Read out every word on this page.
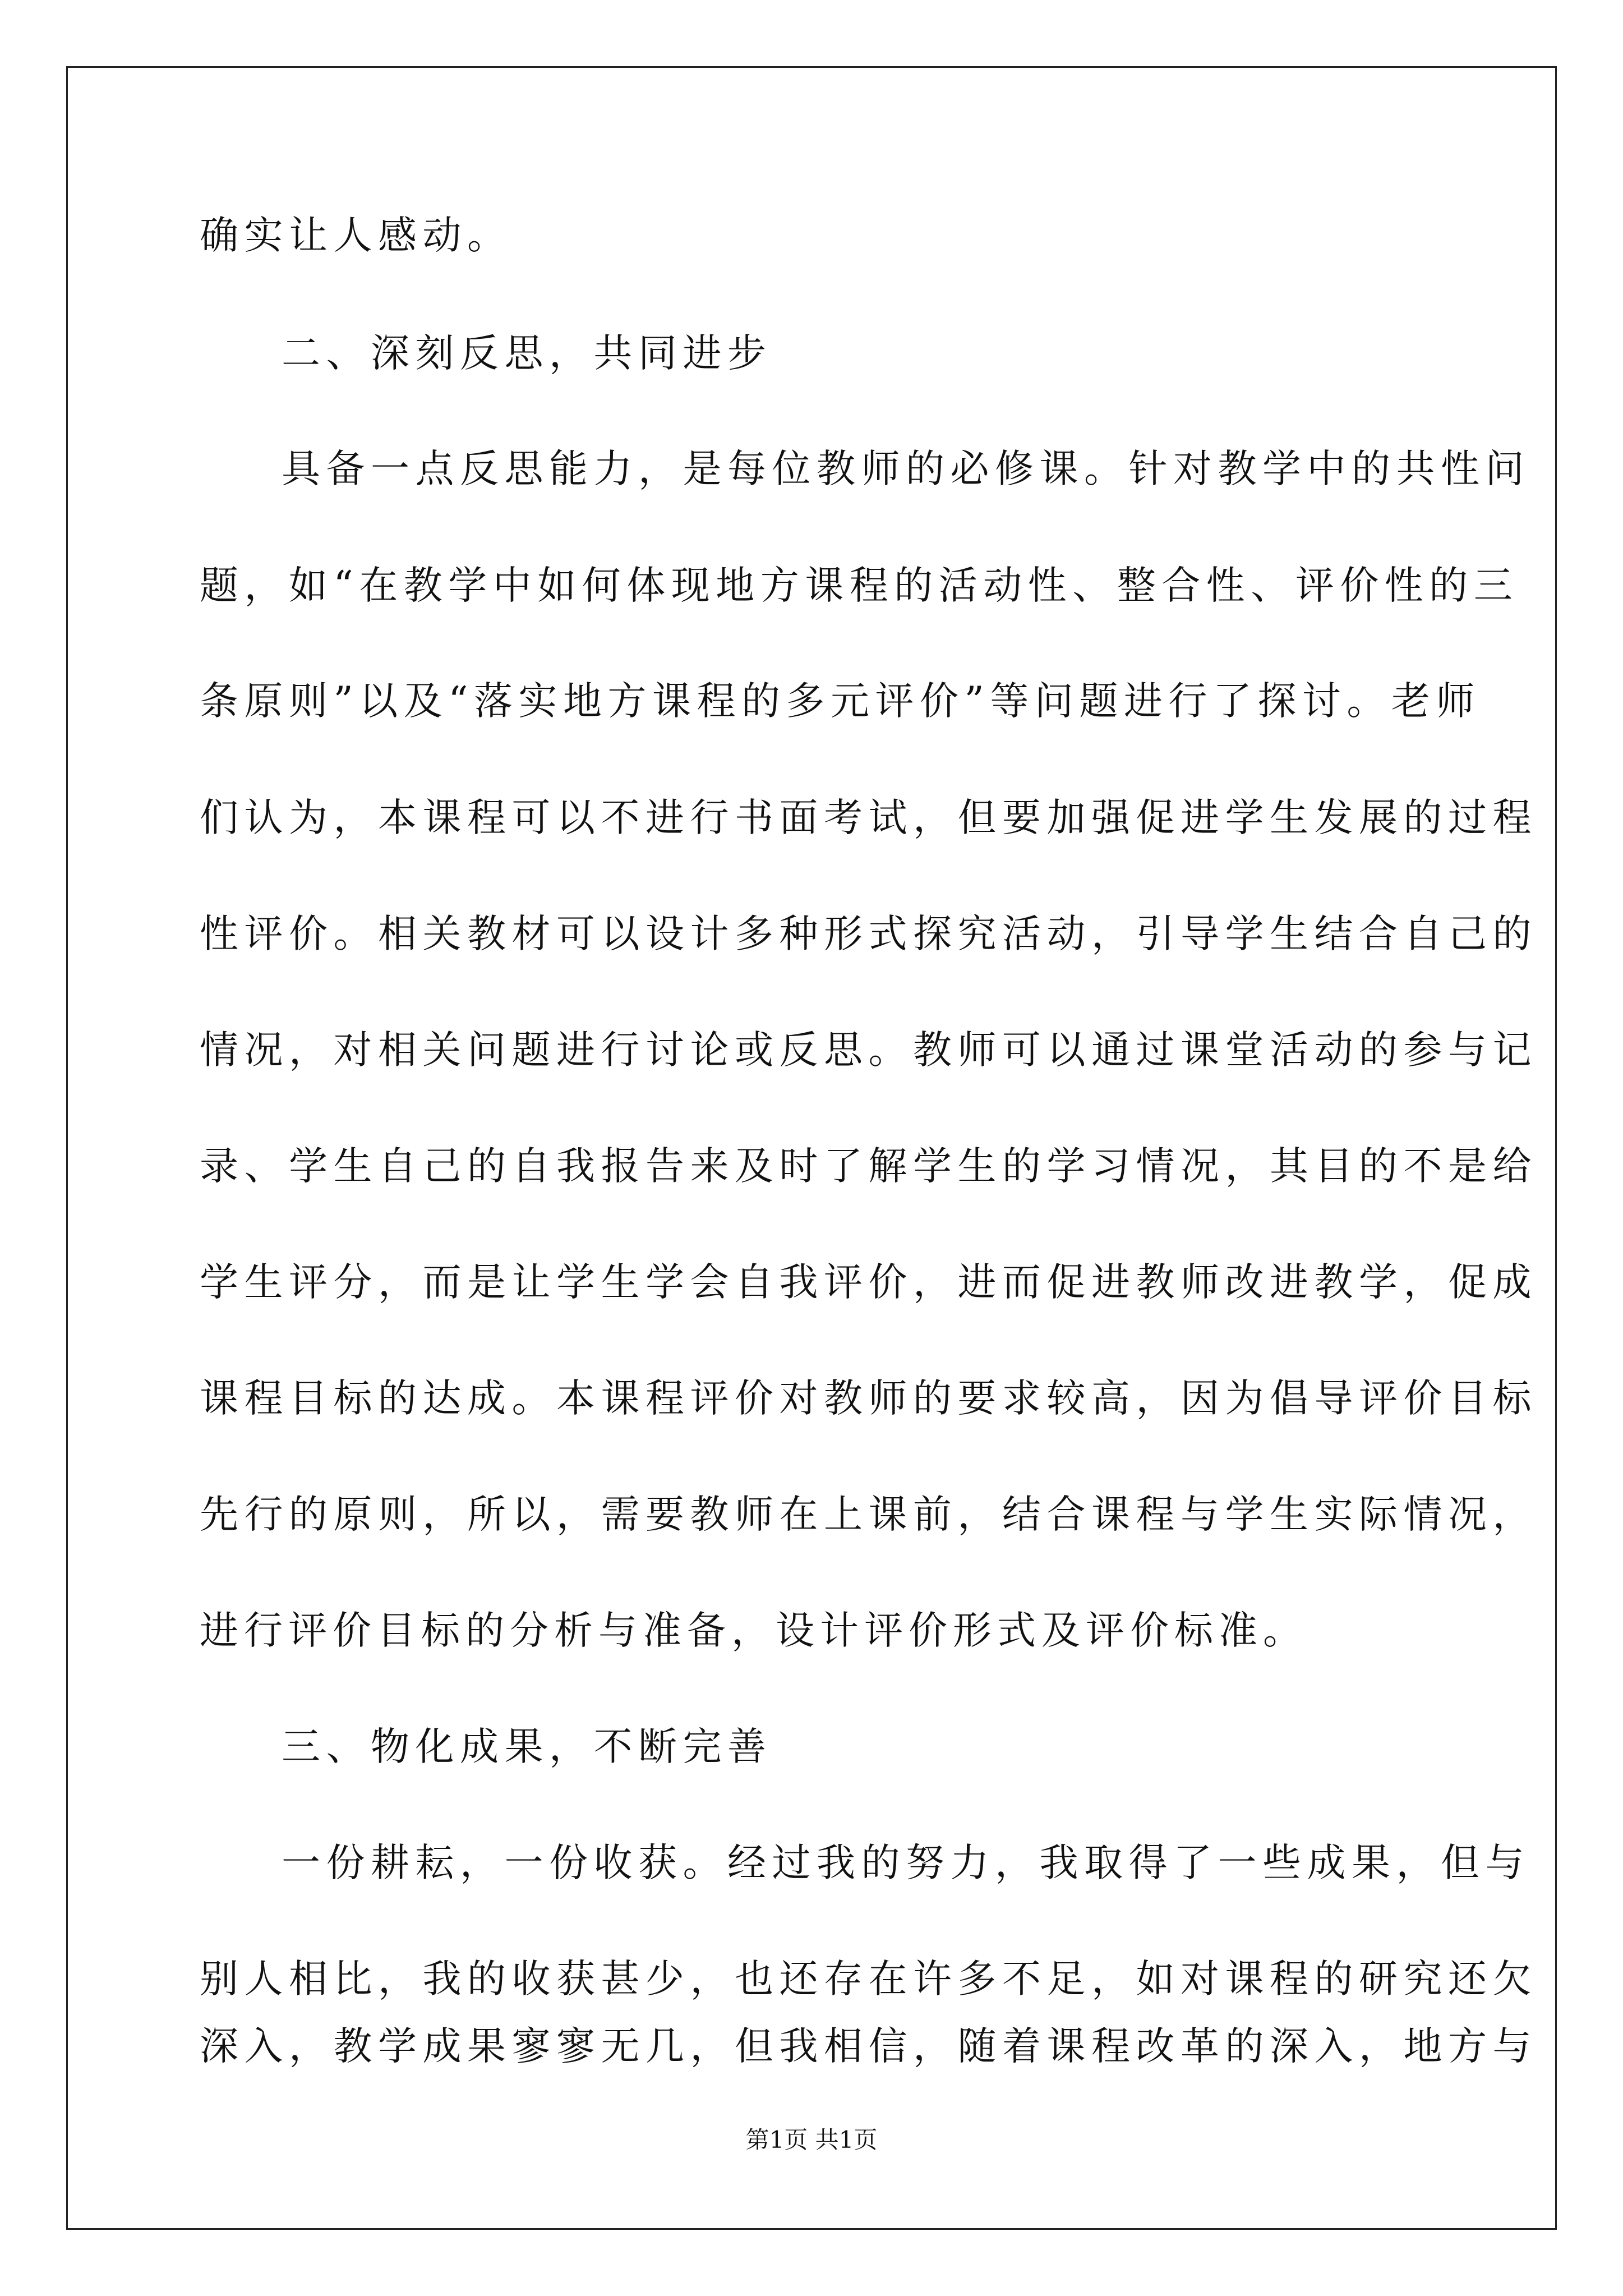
确实让人感动。
二、深刻反思，共同进步
具备一点反思能力，是每位教师的必修课。针对教学中的共性问
题，如“在教学中如何体现地方课程的活动性、整合性、评价性的三
条原则”以及“落实地方课程的多元评价”等问题进行了探讨。老师
们认为，本课程可以不进行书面考试，但要加强促进学生发展的过程
性评价。相关教材可以设计多种形式探究活动，引导学生结合自己的
情况，对相关问题进行讨论或反思。教师可以通过课堂活动的参与记
录、学生自己的自我报告来及时了解学生的学习情况，其目的不是给
学生评分，而是让学生学会自我评价，进而促进教师改进教学，促成
课程目标的达成。本课程评价对教师的要求较高，因为倡导评价目标
先行的原则，所以，需要教师在上课前，结合课程与学生实际情况，
进行评价目标的分析与准备，设计评价形式及评价标准。
三、物化成果，不断完善
一份耕耘，一份收获。经过我的努力，我取得了一些成果，但与
别人相比，我的收获甚少，也还存在许多不足，如对课程的研究还欠
深入，教学成果寥寥无几，但我相信，随着课程改革的深入，地方与
第1页 共1页
